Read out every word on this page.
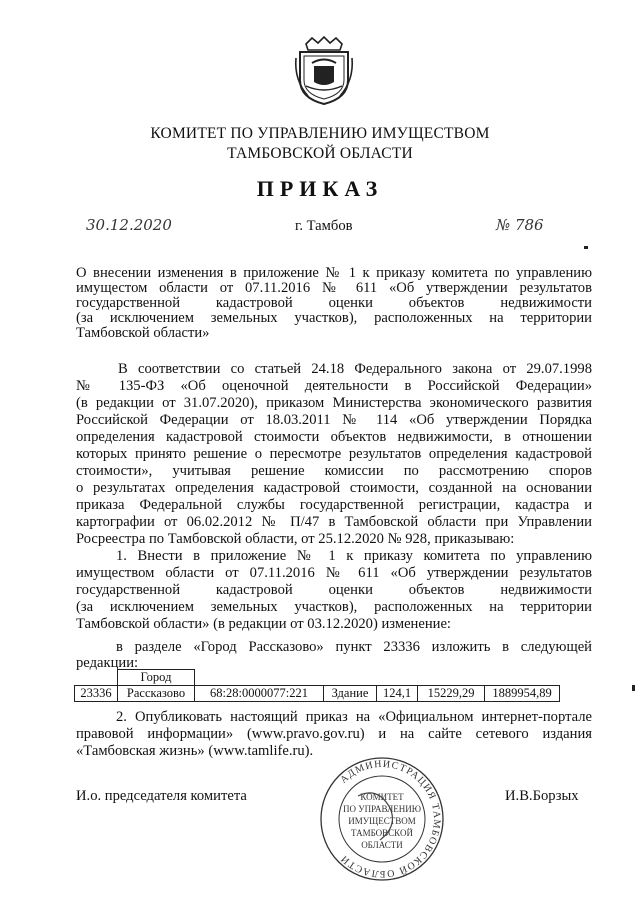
КОМИТЕТ ПО УПРАВЛЕНИЮ ИМУЩЕСТВОМ
ТАМБОВСКОЙ ОБЛАСТИ
ПРИКАЗ
30.12.2020	г. Тамбов	№ 786
О внесении изменения в приложение № 1 к приказу комитета по управлению
имущестом области от 07.11.2016 № 611 «Об утверждении результатов
государственной кадастровой оценки объектов недвижимости
(за исключением земельных участков), расположенных на территории
Тамбовской области»
В соответствии со статьей 24.18 Федерального закона от 29.07.1998
№ 135-ФЗ «Об оценочной деятельности в Российской Федерации»
(в редакции от 31.07.2020), приказом Министерства экономического развития
Российской Федерации от 18.03.2011 № 114 «Об утверждении Порядка
определения кадастровой стоимости объектов недвижимости, в отношении
которых принято решение о пересмотре результатов определения кадастровой
стоимости», учитывая решение комиссии по рассмотрению споров
о результатах определения кадастровой стоимости, созданной на основании
приказа Федеральной службы государственной регистрации, кадастра и
картографии от 06.02.2012 № П/47 в Тамбовской области при Управлении
Росреестра по Тамбовской области, от 25.12.2020 № 928, приказываю:
1. Внести в приложение № 1 к приказу комитета по управлению
имуществом области от 07.11.2016 № 611 «Об утверждении результатов
государственной кадастровой оценки объектов недвижимости
(за исключением земельных участков), расположенных на территории
Тамбовской области» (в редакции от 03.12.2020) изменение:
в разделе «Город Рассказово» пункт 23336 изложить в следующей
редакции:
	Город					
23336	Рассказово	68:28:0000077:221	Здание	124,1	15229,29	1889954,89
2. Опубликовать настоящий приказ на «Официальном интернет-портале
правовой информации» (www.pravo.gov.ru) и на сайте сетевого издания
«Тамбовская жизнь» (www.tamlife.ru).
АДМИНИСТРАЦИЯ ТАМБОВСКОЙ ОБЛАСТИ
КОМИТЕТ
ПО УПРАВЛЕНИЮ
ИМУЩЕСТВОМ
ТАМБОВСКОЙ
ОБЛАСТИ
И.о. председателя комитета	И.В.Борзых
